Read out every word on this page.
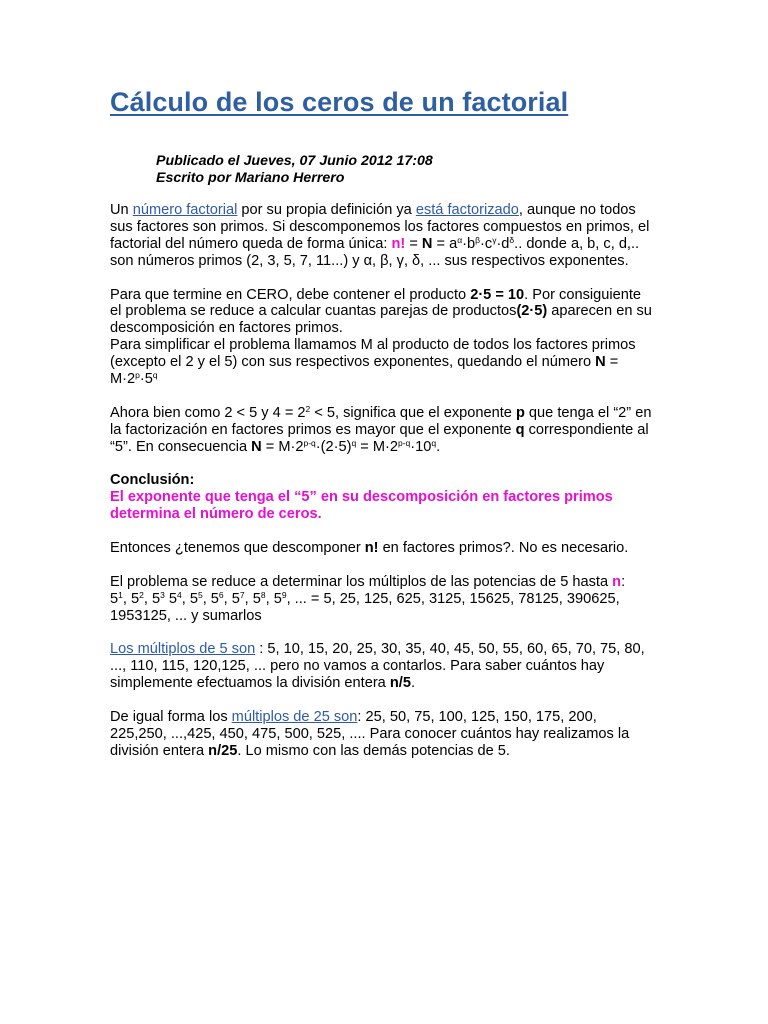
Cálculo de los ceros de un factorial
Publicado el Jueves, 07 Junio 2012 17:08
Escrito por Mariano Herrero

Un número factorial por su propia definición ya está factorizado, aunque no todos sus factores son primos. Si descomponemos los factores compuestos en primos, el factorial del número queda de forma única: n! = $N = a^\alpha\cdot b^\beta\cdot c^\gamma\cdot d^\delta$.. donde a, b, c, d,.. son números primos (2, 3, 5, 7, 11...) y α, β, γ, δ, ... sus respectivos exponentes.

Para que termine en CERO, debe contener el producto 2·5 = 10. Por consiguiente el problema se reduce a calcular cuantas parejas de productos(2·5) aparecen en su descomposición en factores primos.

Para simplificar el problema llamamos M al producto de todos los factores primos (excepto el 2 y el 5) con sus respectivos exponentes, quedando el número $N = M\cdot 2^p\cdot 5^q$

Ahora bien como 2 < 5 y $4 = 2^2 < 5$, significa que el exponente p que tenga el “2” en la factorización en factores primos es mayor que el exponente q correspondiente al “5”. En consecuencia $N = M\cdot 2^{p-q}\cdot(2\cdot 5)^q = M\cdot 2^{p-q}\cdot 10^q$.

Conclusión:
El exponente que tenga el “5” en su descomposición en factores primos determina el número de ceros.

Entonces ¿tenemos que descomponer n! en factores primos?. No es necesario.

El problema se reduce a determinar los múltiplos de las potencias de 5 hasta n:
$5^1$, $5^2$, $5^3$ $5^4$, $5^5$, $5^6$, $5^7$, $5^8$, $5^9$, ... = 5, 25, 125, 625, 3125, 15625, 78125, 390625, 1953125, ... y sumarlos

Los múltiplos de 5 son : 5, 10, 15, 20, 25, 30, 35, 40, 45, 50, 55, 60, 65, 70, 75, 80, ..., 110, 115, 120,125, ... pero no vamos a contarlos. Para saber cuántos hay simplemente efectuamos la división entera n/5.

De igual forma los múltiplos de 25 son: 25, 50, 75, 100, 125, 150, 175, 200, 225,250, ...,425, 450, 475, 500, 525, .... Para conocer cuántos hay realizamos la división entera n/25. Lo mismo con las demás potencias de 5.
